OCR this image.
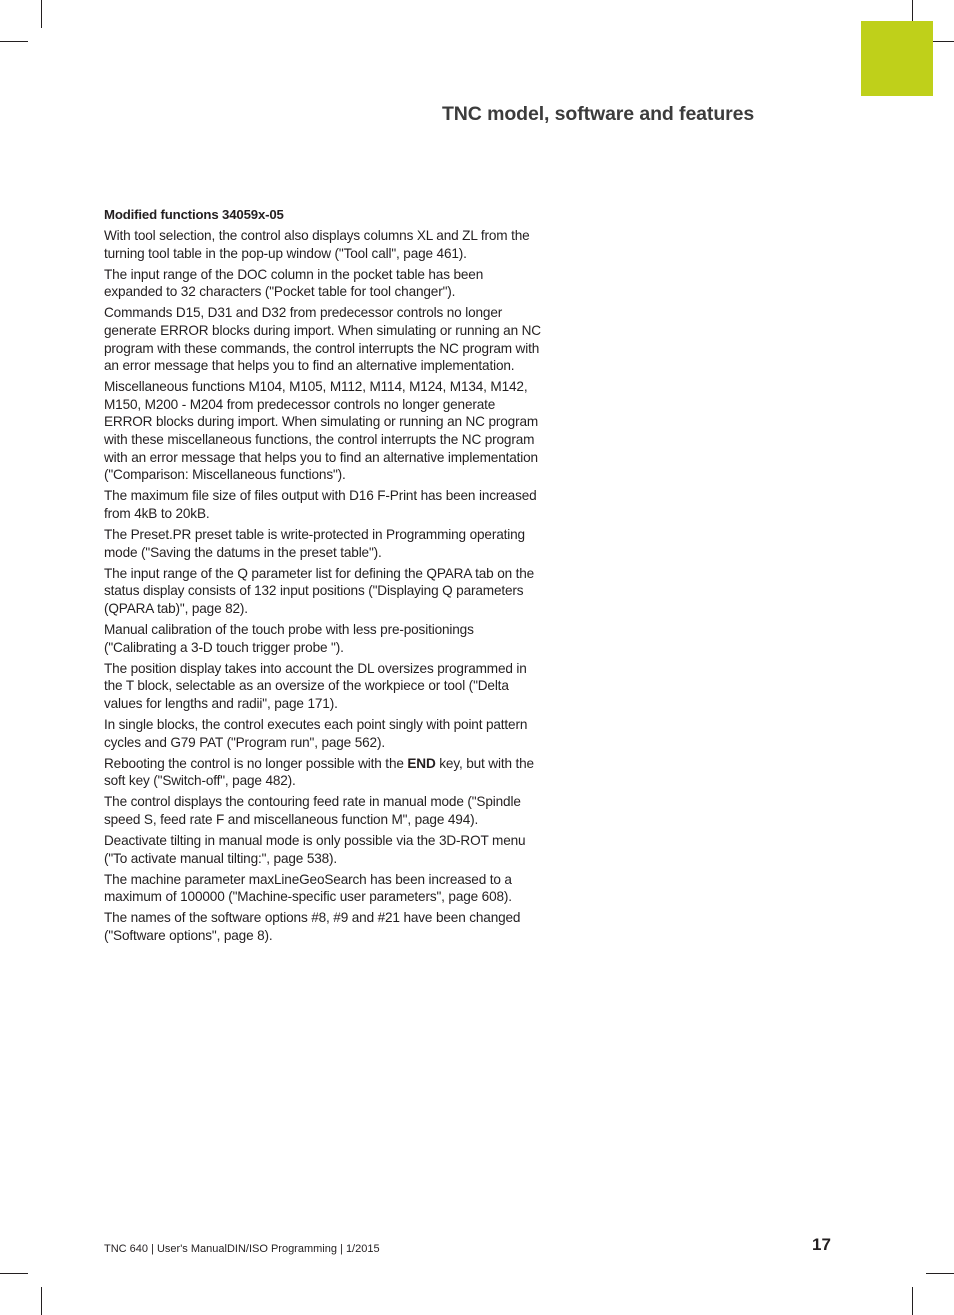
TNC model, software and features
Modified functions 34059x-05
With tool selection, the control also displays columns XL and ZL from the turning tool table in the pop-up window ("Tool call", page 461).
The input range of the DOC column in the pocket table has been expanded to 32 characters ("Pocket table for tool changer").
Commands D15, D31 and D32 from predecessor controls no longer generate ERROR blocks during import. When simulating or running an NC program with these commands, the control interrupts the NC program with an error message that helps you to find an alternative implementation.
Miscellaneous functions M104, M105, M112, M114, M124, M134, M142, M150, M200 - M204 from predecessor controls no longer generate ERROR blocks during import. When simulating or running an NC program with these miscellaneous functions, the control interrupts the NC program with an error message that helps you to find an alternative implementation ("Comparison: Miscellaneous functions").
The maximum file size of files output with D16 F-Print has been increased from 4kB to 20kB.
The Preset.PR preset table is write-protected in Programming operating mode ("Saving the datums in the preset table").
The input range of the Q parameter list for defining the QPARA tab on the status display consists of 132 input positions ("Displaying Q parameters (QPARA tab)", page 82).
Manual calibration of the touch probe with less pre-positionings ("Calibrating a 3-D touch trigger probe ").
The position display takes into account the DL oversizes programmed in the T block, selectable as an oversize of the workpiece or tool ("Delta values for lengths and radii", page 171).
In single blocks, the control executes each point singly with point pattern cycles and G79 PAT ("Program run", page 562).
Rebooting the control is no longer possible with the END key, but with the soft key ("Switch-off", page 482).
The control displays the contouring feed rate in manual mode ("Spindle speed S, feed rate F and miscellaneous function M", page 494).
Deactivate tilting in manual mode is only possible via the 3D-ROT menu ("To activate manual tilting:", page 538).
The machine parameter maxLineGeoSearch has been increased to a maximum of 100000 ("Machine-specific user parameters", page 608).
The names of the software options #8, #9 and #21 have been changed ("Software options", page 8).
TNC 640 | User's ManualDIN/ISO Programming | 1/2015	17
